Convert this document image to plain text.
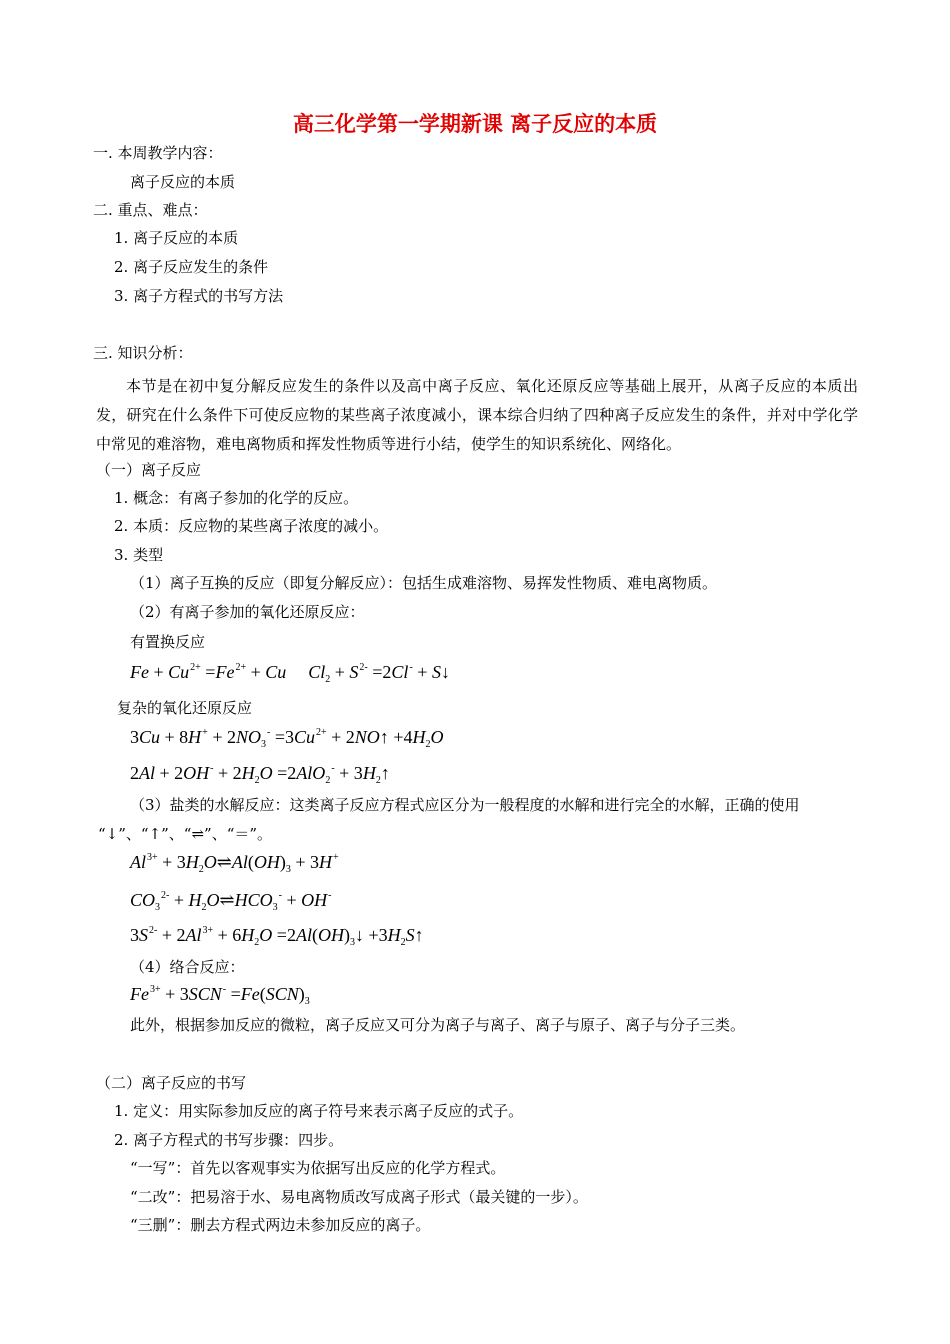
高三化学第一学期新课 离子反应的本质
一. 本周教学内容：
离子反应的本质
二. 重点、难点：
1. 离子反应的本质
2. 离子反应发生的条件
3. 离子方程式的书写方法
三. 知识分析：
本节是在初中复分解反应发生的条件以及高中离子反应、氧化还原反应等基础上展开，从离子反应的本质出发，研究在什么条件下可使反应物的某些离子浓度减小，课本综合归纳了四种离子反应发生的条件，并对中学化学中常见的难溶物，难电离物质和挥发性物质等进行小结，使学生的知识系统化、网络化。
（一）离子反应
1. 概念：有离子参加的化学的反应。
2. 本质：反应物的某些离子浓度的减小。
3. 类型
（1）离子互换的反应（即复分解反应）：包括生成难溶物、易挥发性物质、难电离物质。
（2）有离子参加的氧化还原反应：
有置换反应
$Fe + Cu^{2+} =Fe^{2+} + Cu$ $Cl_2 + S^{2-} =2Cl^-$ + S↓
复杂的氧化还原反应
$3Cu + 8H^+ + 2NO_3^- =3Cu^{2+}$ + 2NO↑ $+4H_2O$
$2Al + 2OH^- + 2H_2O =2AlO_2^-$ + $3H_2↑$
（3）盐类的水解反应：这类离子反应方程式应区分为一般程度的水解和进行完全的水解，正确的使用
“↓”、“↑”、“⇌”、“＝”。
$Al^{3+}$ + $3H_2O\rightleftharpoons Al(OH)_3 + 3H^+$
$CO_3^{2-}$ + $H_2O\rightleftharpoons HCO_3^- + OH^-$
$3S^{2-} + 2Al^{3+} + 6H_2O$ $=2Al(OH)_3↓$ $+3H_2S↑$
（4）络合反应：
$Fe^{3+} + 3SCN^- =Fe(SCN)_3$
此外，根据参加反应的微粒，离子反应又可分为离子与离子、离子与原子、离子与分子三类。
（二）离子反应的书写
1. 定义：用实际参加反应的离子符号来表示离子反应的式子。
2. 离子方程式的书写步骤：四步。
“一写”：首先以客观事实为依据写出反应的化学方程式。
“二改”：把易溶于水、易电离物质改写成离子形式（最关键的一步）。
“三删”：删去方程式两边未参加反应的离子。
